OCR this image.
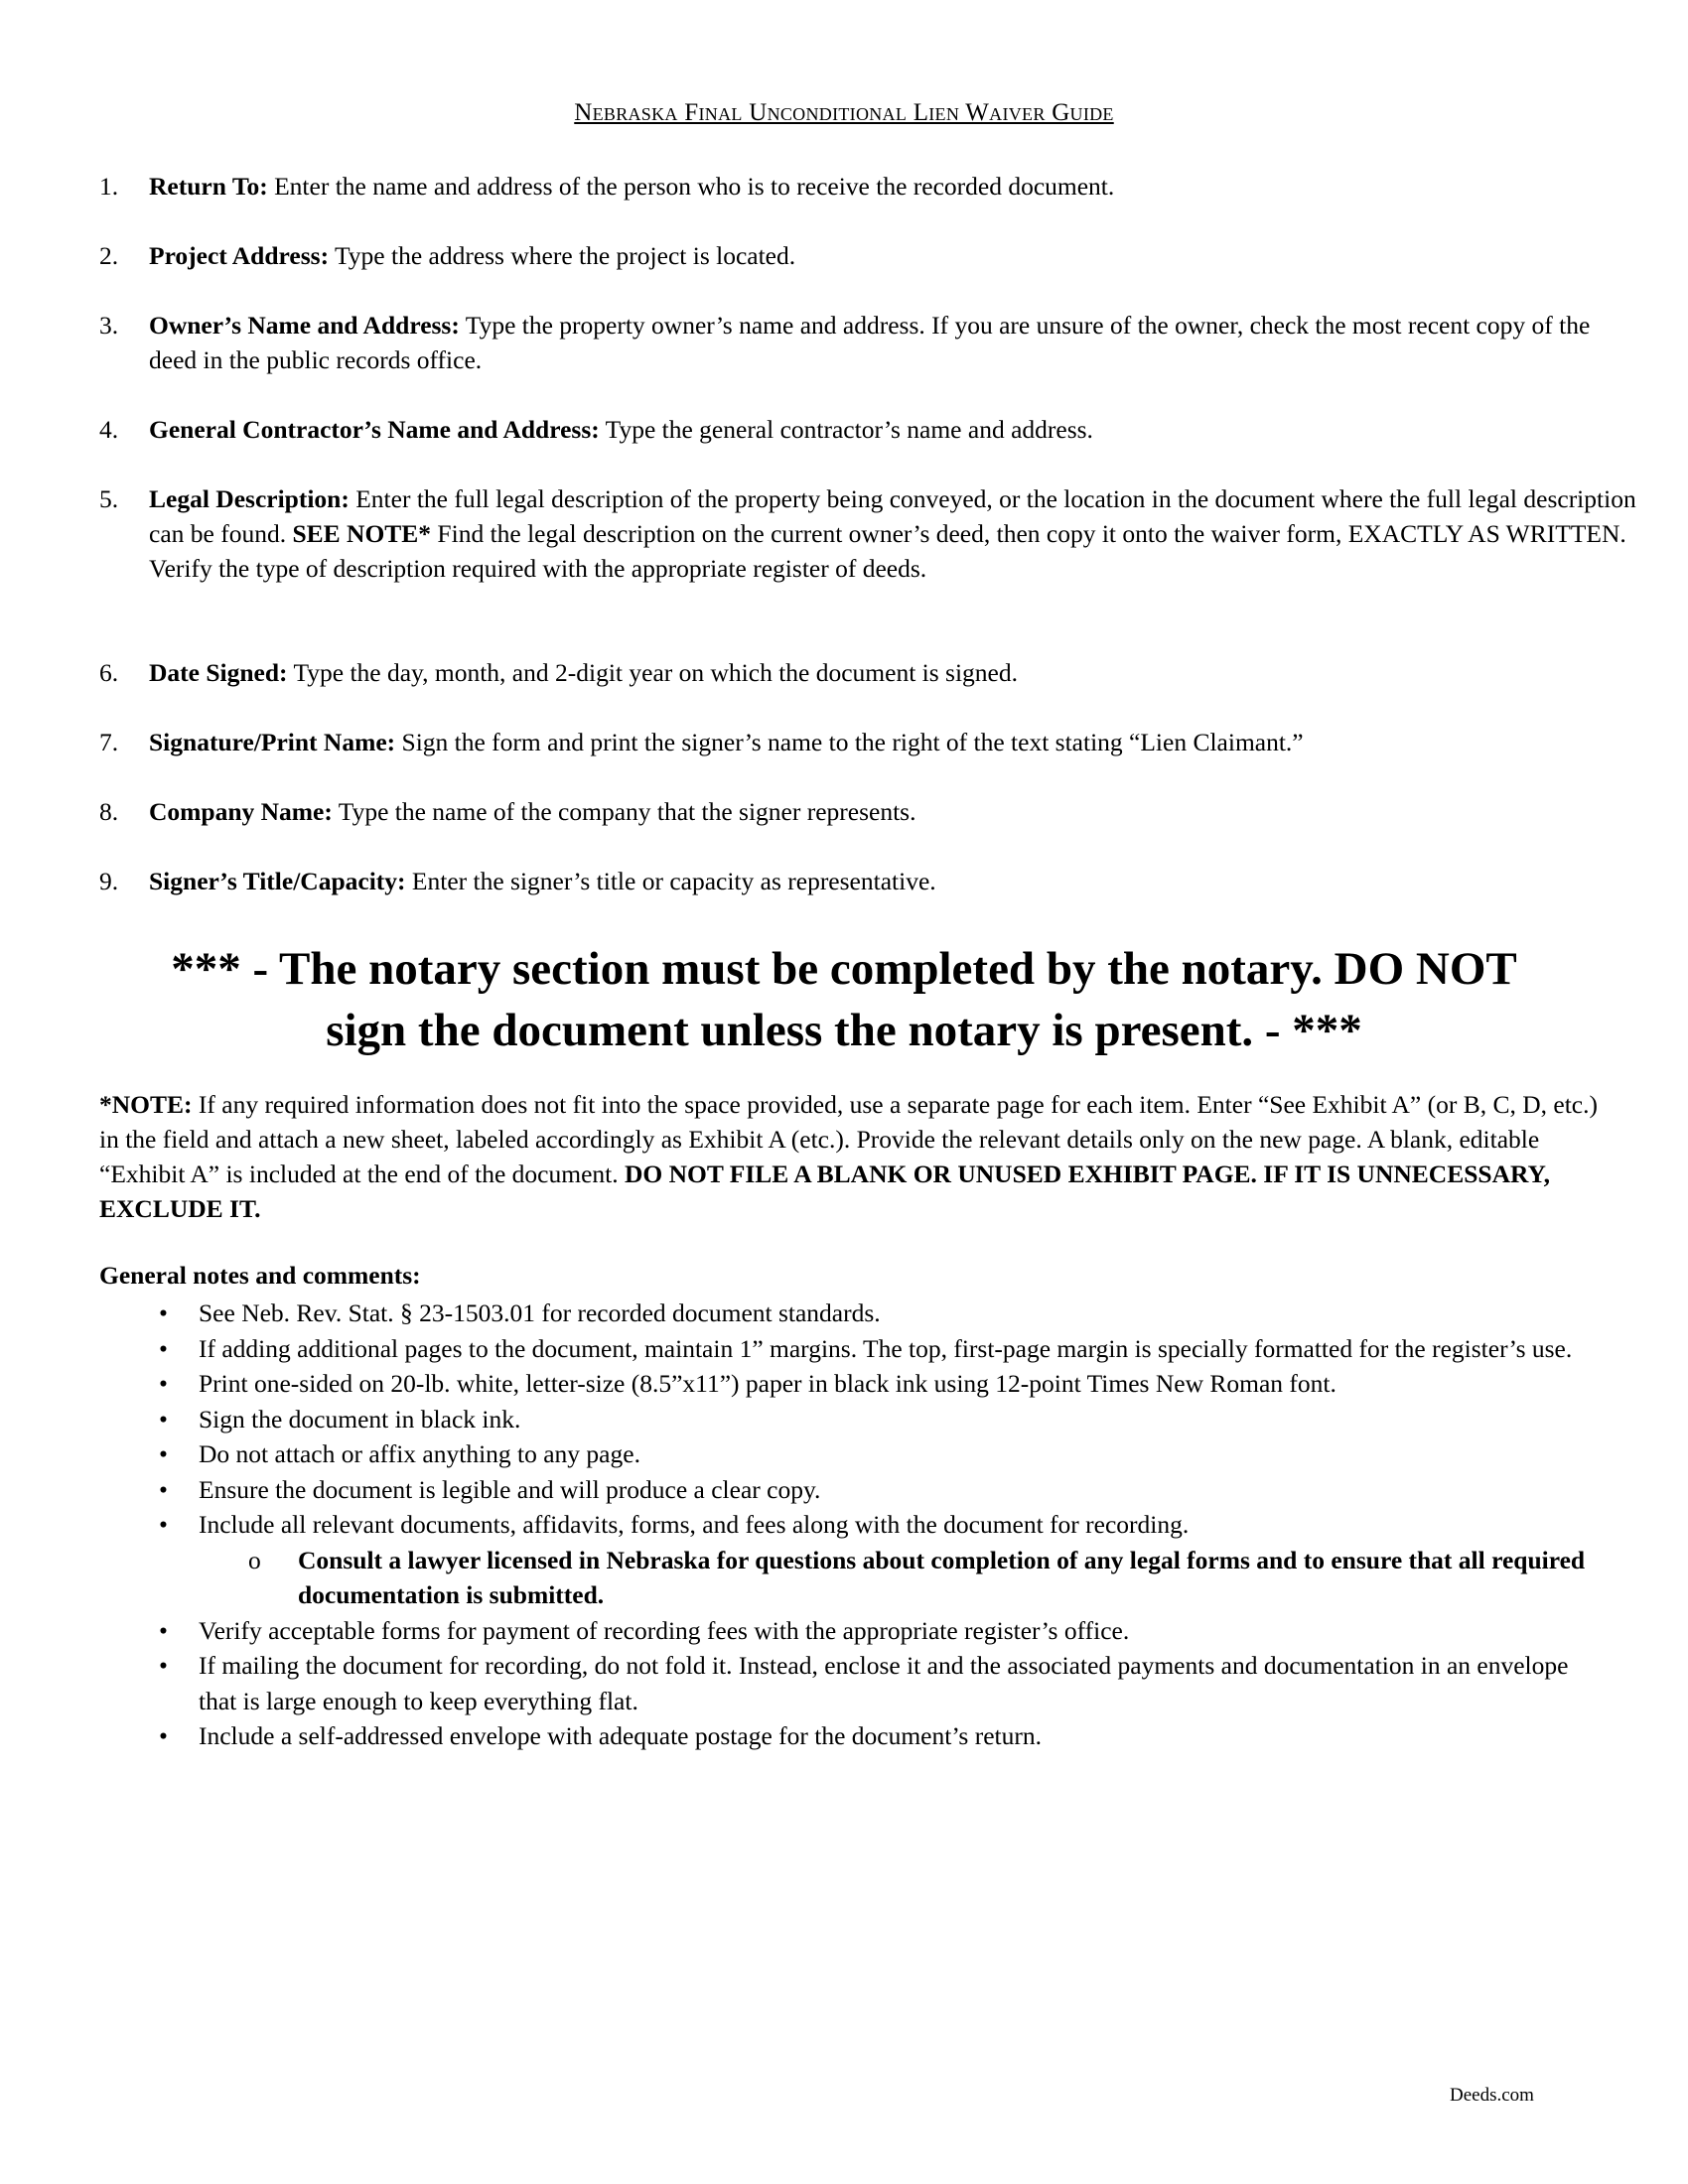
Nebraska Final Unconditional Lien Waiver Guide
1. Return To: Enter the name and address of the person who is to receive the recorded document.
2. Project Address: Type the address where the project is located.
3. Owner’s Name and Address: Type the property owner’s name and address. If you are unsure of the owner, check the most recent copy of the deed in the public records office.
4. General Contractor’s Name and Address: Type the general contractor’s name and address.
5. Legal Description: Enter the full legal description of the property being conveyed, or the location in the document where the full legal description can be found. SEE NOTE* Find the legal description on the current owner’s deed, then copy it onto the waiver form, EXACTLY AS WRITTEN. Verify the type of description required with the appropriate register of deeds.
6. Date Signed: Type the day, month, and 2-digit year on which the document is signed.
7. Signature/Print Name: Sign the form and print the signer’s name to the right of the text stating “Lien Claimant.”
8. Company Name: Type the name of the company that the signer represents.
9. Signer’s Title/Capacity: Enter the signer’s title or capacity as representative.
*** - The notary section must be completed by the notary. DO NOT
sign the document unless the notary is present. - ***
*NOTE: If any required information does not fit into the space provided, use a separate page for each item. Enter “See Exhibit A” (or B, C, D, etc.) in the field and attach a new sheet, labeled accordingly as Exhibit A (etc.). Provide the relevant details only on the new page. A blank, editable “Exhibit A” is included at the end of the document. DO NOT FILE A BLANK OR UNUSED EXHIBIT PAGE. IF IT IS UNNECESSARY, EXCLUDE IT.
General notes and comments:
• See Neb. Rev. Stat. § 23-1503.01 for recorded document standards.
• If adding additional pages to the document, maintain 1” margins. The top, first-page margin is specially formatted for the register’s use.
• Print one-sided on 20-lb. white, letter-size (8.5”x11”) paper in black ink using 12-point Times New Roman font.
• Sign the document in black ink.
• Do not attach or affix anything to any page.
• Ensure the document is legible and will produce a clear copy.
• Include all relevant documents, affidavits, forms, and fees along with the document for recording.
o Consult a lawyer licensed in Nebraska for questions about completion of any legal forms and to ensure that all required documentation is submitted.
• Verify acceptable forms for payment of recording fees with the appropriate register’s office.
• If mailing the document for recording, do not fold it. Instead, enclose it and the associated payments and documentation in an envelope that is large enough to keep everything flat.
• Include a self-addressed envelope with adequate postage for the document’s return.
Deeds.com
